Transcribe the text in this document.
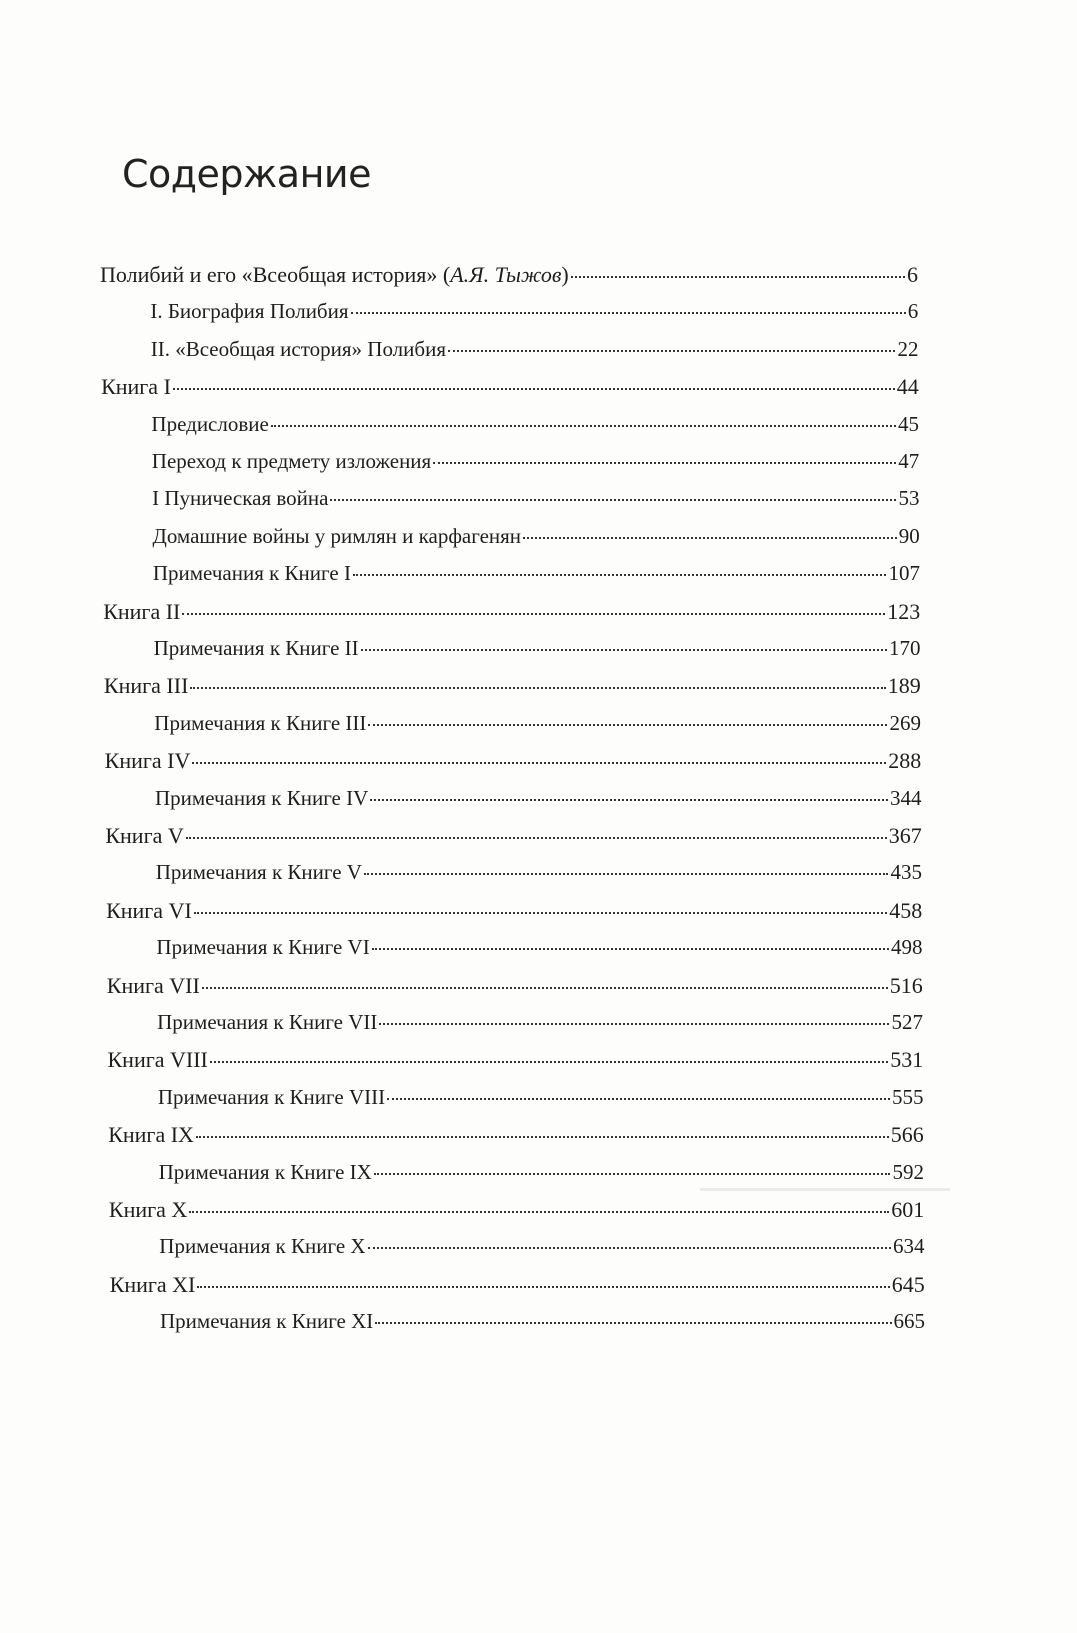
Содержание
Полибий и его «Всеобщая история» ( А.Я. Тыжов )	6
I. Биография Полибия	6
II. «Всеобщая история» Полибия	22
Книга I	44
Предисловие	45
Переход к предмету изложения	47
I Пуническая война	53
Домашние войны у римлян и карфагенян	90
Примечания к Книге I	107
Книга II	123
Примечания к Книге II	170
Книга III	189
Примечания к Книге III	269
Книга IV	288
Примечания к Книге IV	344
Книга V	367
Примечания к Книге V	435
Книга VI	458
Примечания к Книге VI	498
Книга VII	516
Примечания к Книге VII	527
Книга VIII	531
Примечания к Книге VIII	555
Книга IX	566
Примечания к Книге IX	592
Книга X	601
Примечания к Книге X	634
Книга XI	645
Примечания к Книге XI	665
